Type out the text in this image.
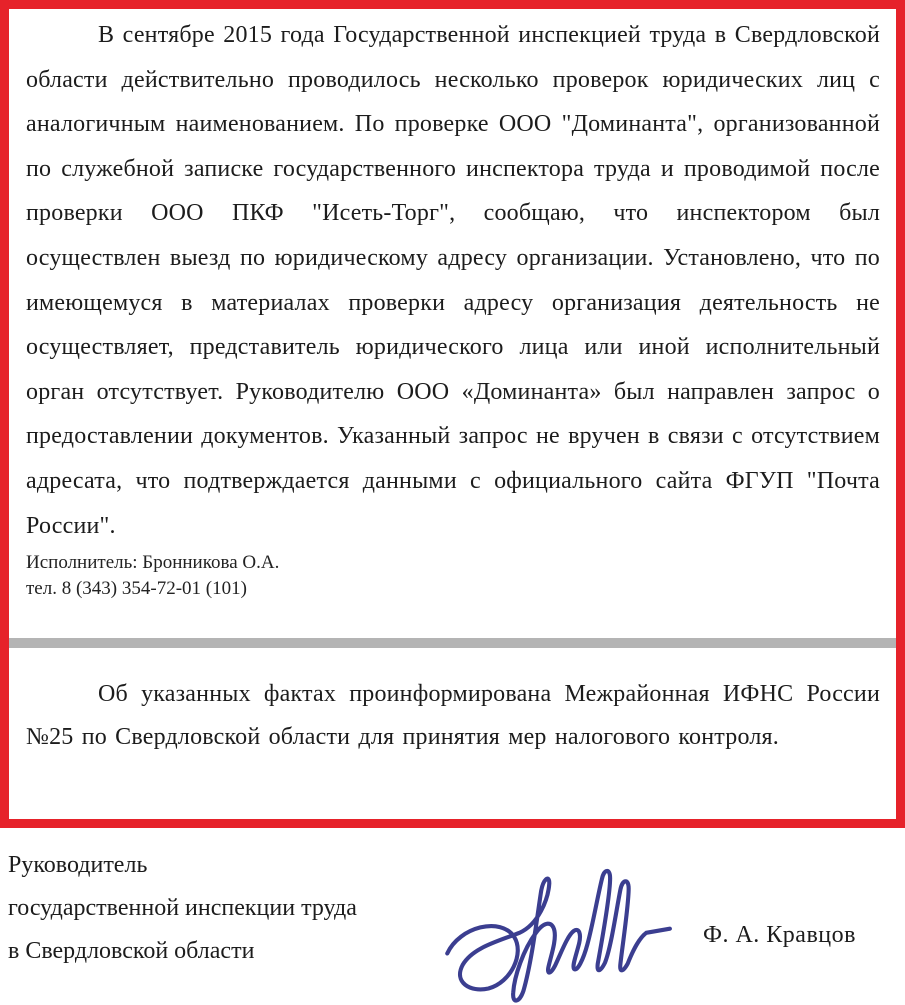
В сентябре 2015 года Государственной инспекцией труда в Свердловской области действительно проводилось несколько проверок юридических лиц с аналогичным наименованием. По проверке ООО "Доминанта", организованной по служебной записке государственного инспектора труда и проводимой после проверки ООО ПКФ "Исеть-Торг", сообщаю, что инспектором был осуществлен выезд по юридическому адресу организации. Установлено, что по имеющемуся в материалах проверки адресу организация деятельность не осуществляет, представитель юридического лица или иной исполнительный орган отсутствует. Руководителю ООО «Доминанта» был направлен запрос о предоставлении документов. Указанный запрос не вручен в связи с отсутствием адресата, что подтверждается данными с официального сайта ФГУП "Почта России".

Исполнитель: Бронникова О.А.
тел. 8 (343) 354-72-01 (101)

Об указанных фактах проинформирована Межрайонная ИФНС России №25 по Свердловской области для принятия мер налогового контроля.

Руководитель
государственной инспекции труда
в Свердловской области
Ф. А. Кравцов
